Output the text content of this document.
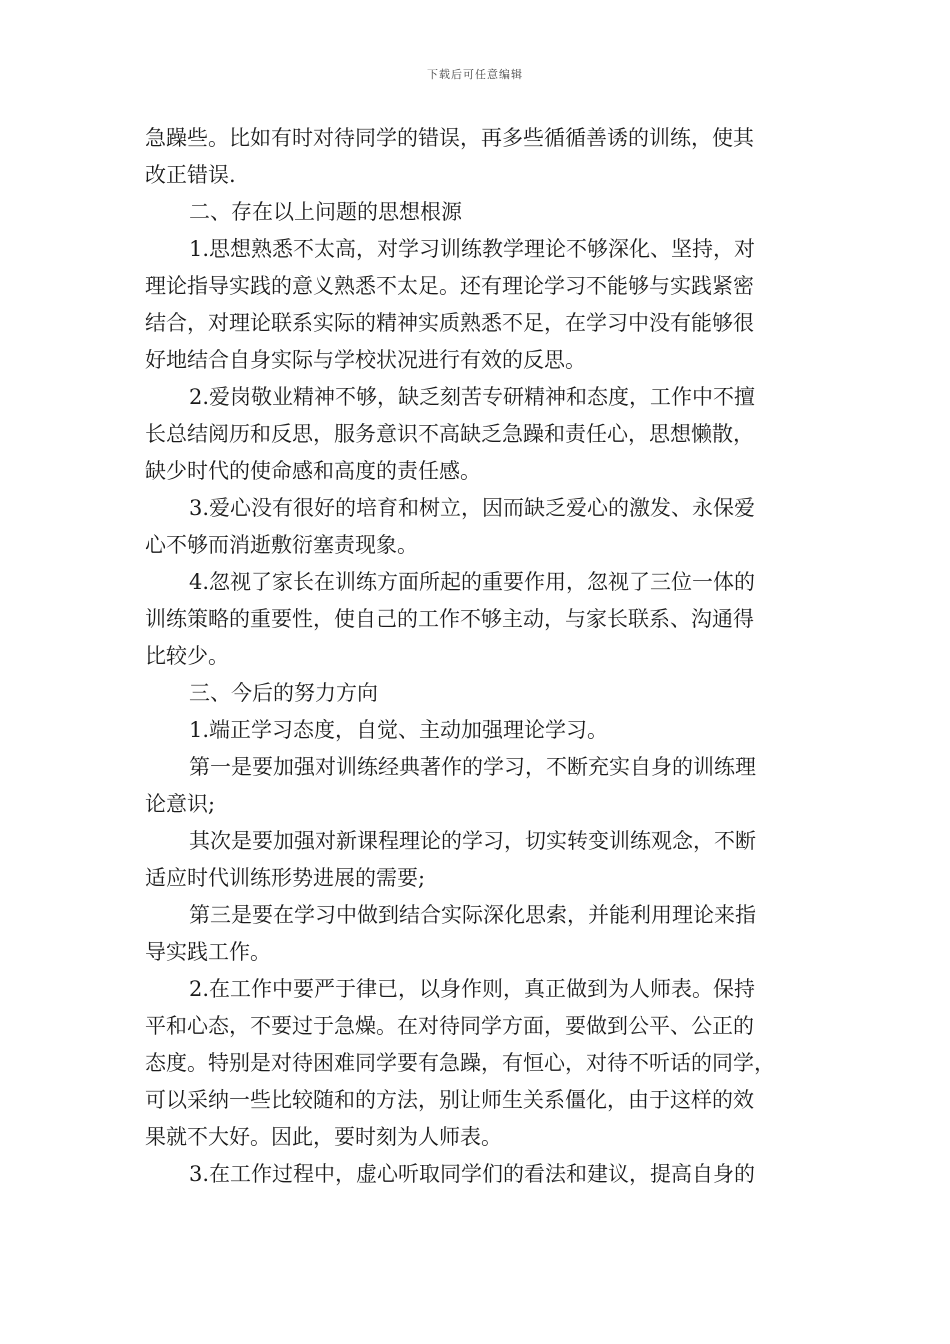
下载后可任意编辑

急躁些。比如有时对待同学的错误，再多些循循善诱的训练，使其
改正错误.

二、存在以上问题的思想根源

1.思想熟悉不太高，对学习训练教学理论不够深化、坚持，对
理论指导实践的意义熟悉不太足。还有理论学习不能够与实践紧密
结合，对理论联系实际的精神实质熟悉不足，在学习中没有能够很
好地结合自身实际与学校状况进行有效的反思。

2.爱岗敬业精神不够，缺乏刻苦专研精神和态度，工作中不擅
长总结阅历和反思，服务意识不高缺乏急躁和责任心，思想懒散，
缺少时代的使命感和高度的责任感。

3.爱心没有很好的培育和树立，因而缺乏爱心的激发、永保爱
心不够而消逝敷衍塞责现象。

4.忽视了家长在训练方面所起的重要作用，忽视了三位一体的
训练策略的重要性，使自己的工作不够主动，与家长联系、沟通得
比较少。

三、今后的努力方向

1.端正学习态度，自觉、主动加强理论学习。

第一是要加强对训练经典著作的学习，不断充实自身的训练理
论意识;

其次是要加强对新课程理论的学习，切实转变训练观念，不断
适应时代训练形势进展的需要;

第三是要在学习中做到结合实际深化思索，并能利用理论来指
导实践工作。

2.在工作中要严于律已，以身作则，真正做到为人师表。保持
平和心态，不要过于急燥。在对待同学方面，要做到公平、公正的
态度。特别是对待困难同学要有急躁，有恒心，对待不听话的同学，
可以采纳一些比较随和的方法，别让师生关系僵化，由于这样的效
果就不大好。因此，要时刻为人师表。

3.在工作过程中，虚心听取同学们的看法和建议，提高自身的
